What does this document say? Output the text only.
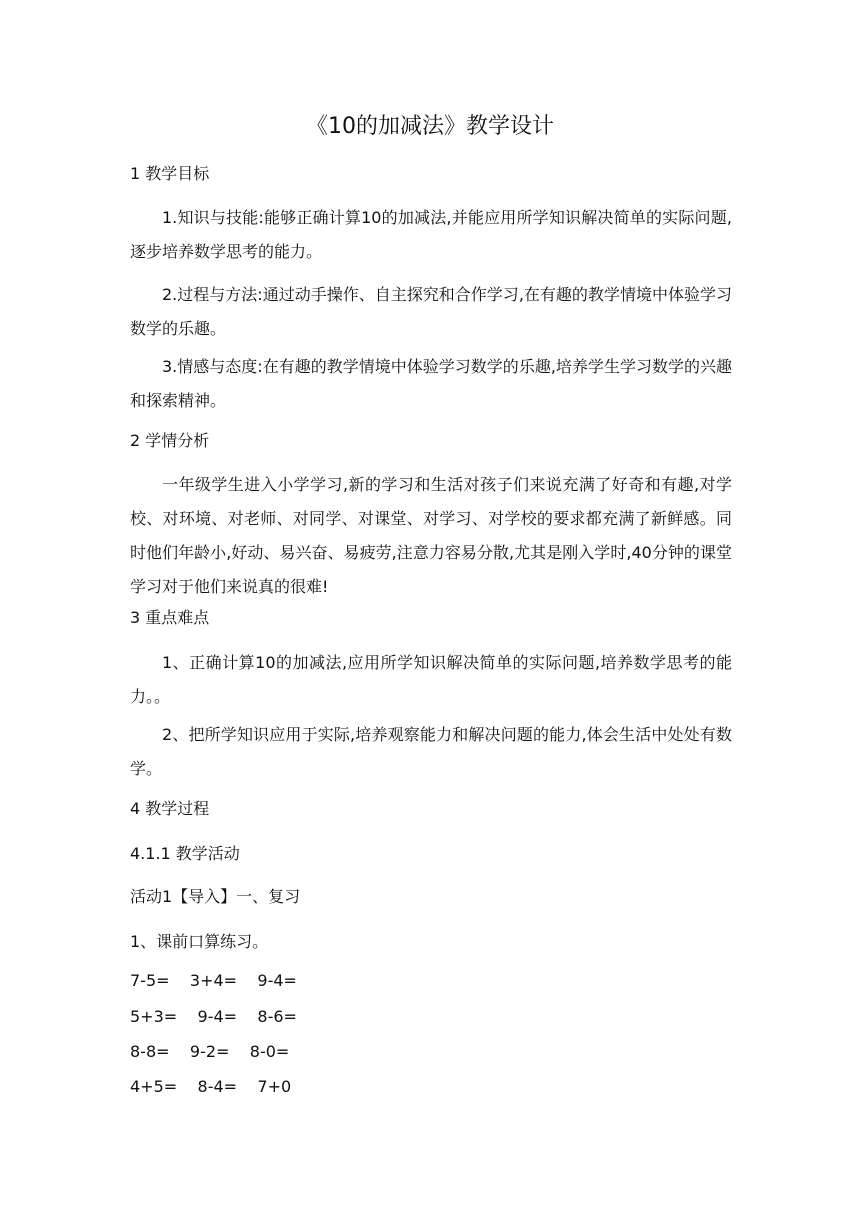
《10的加减法》教学设计
1 教学目标
1.知识与技能:能够正确计算10的加减法,并能应用所学知识解决简单的实际问题,逐步培养数学思考的能力。
2.过程与方法:通过动手操作、自主探究和合作学习,在有趣的教学情境中体验学习数学的乐趣。
3.情感与态度:在有趣的教学情境中体验学习数学的乐趣,培养学生学习数学的兴趣和探索精神。
2 学情分析
一年级学生进入小学学习,新的学习和生活对孩子们来说充满了好奇和有趣,对学校、对环境、对老师、对同学、对课堂、对学习、对学校的要求都充满了新鲜感。同时他们年龄小,好动、易兴奋、易疲劳,注意力容易分散,尤其是刚入学时,40分钟的课堂学习对于他们来说真的很难!
3 重点难点
1、正确计算10的加减法,应用所学知识解决简单的实际问题,培养数学思考的能力。。
2、把所学知识应用于实际,培养观察能力和解决问题的能力,体会生活中处处有数学。
4 教学过程
4.1.1 教学活动
活动1【导入】一、复习
1、课前口算练习。
7-5=    3+4=    9-4=
5+3=    9-4=    8-6=
8-8=    9-2=    8-0=
4+5=    8-4=    7+0
